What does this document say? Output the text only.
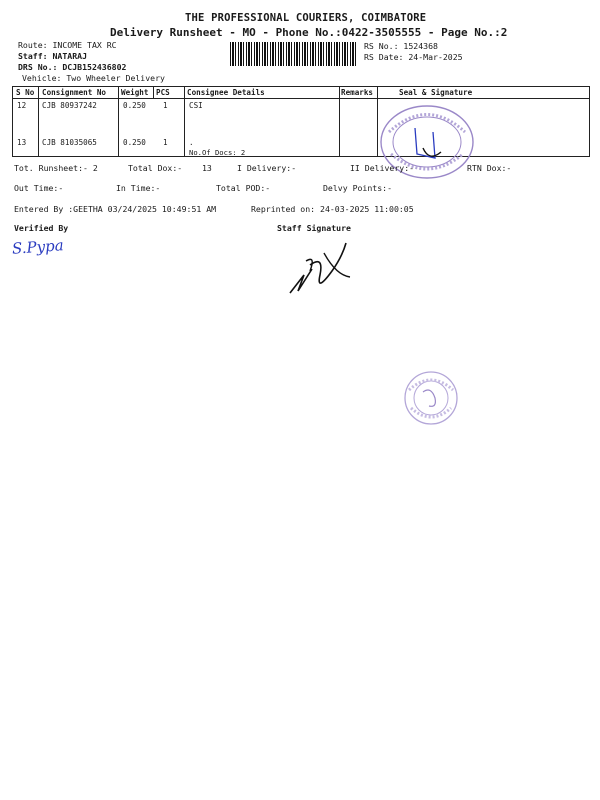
THE PROFESSIONAL COURIERS, COIMBATORE
Delivery Runsheet - MO - Phone No.:0422-3505555 - Page No.:2
Route: INCOME TAX RC
Staff: NATARAJ
DRS No.: DCJB152436802
Vehicle: Two Wheeler Delivery
RS No.: 1524368
RS Date: 24-Mar-2025
S No Consignment No Weight PCS Consignee Details	Remarks	Seal & Signature
12 CJB 80937242	0.250 1	CSI
13 CJB 81035065	0.250 1	.
No.Of Docs: 2
Tot. Runsheet:- 2	Total Dox:- 13	I Delivery:-	II Delivery:-	RTN Dox:-
Out Time:-	In Time:-	Total POD:-	Delvy Points:-
Entered By :GEETHA 03/24/2025 10:49:51 AM	Reprinted on: 24-03-2025 11:00:05
Verified By	Staff Signature
S.Pypa
